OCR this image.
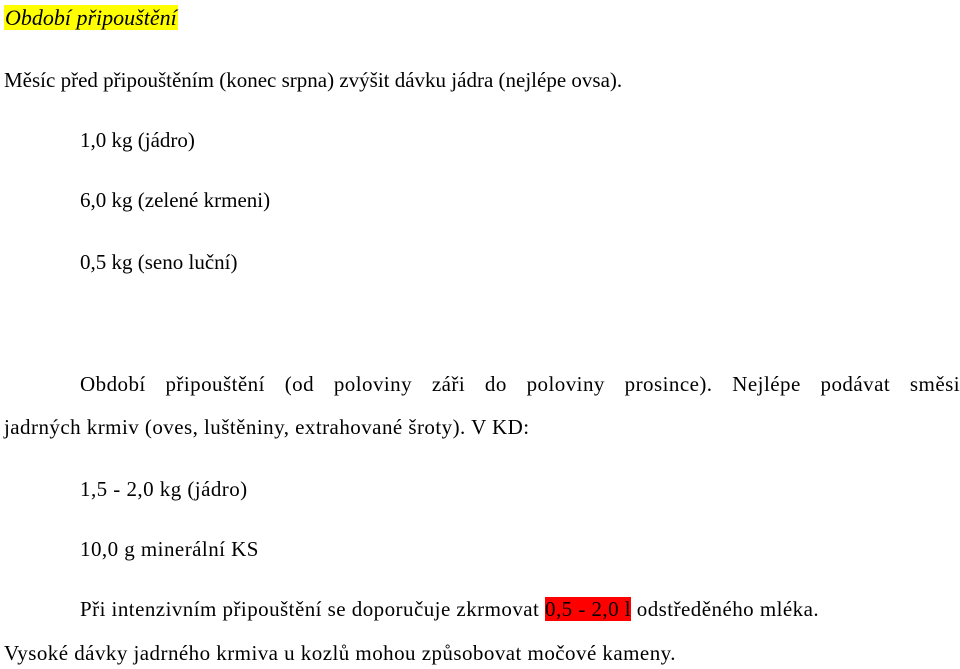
Období připouštění
Měsíc před připouštěním (konec srpna) zvýšit dávku jádra (nejlépe ovsa).
1,0 kg (jádro)
6,0 kg (zelené krmeni)
0,5 kg (seno luční)
Období připouštění (od poloviny záři do poloviny prosince). Nejlépe podávat směsi
jadrných krmiv (oves, luštěniny, extrahované šroty). V KD:
1,5 - 2,0 kg (jádro)
10,0 g minerální KS
Při intenzivním připouštění se doporučuje zkrmovat 0,5 - 2,0 l odstředěného mléka.
Vysoké dávky jadrného krmiva u kozlů mohou způsobovat močové kameny.
